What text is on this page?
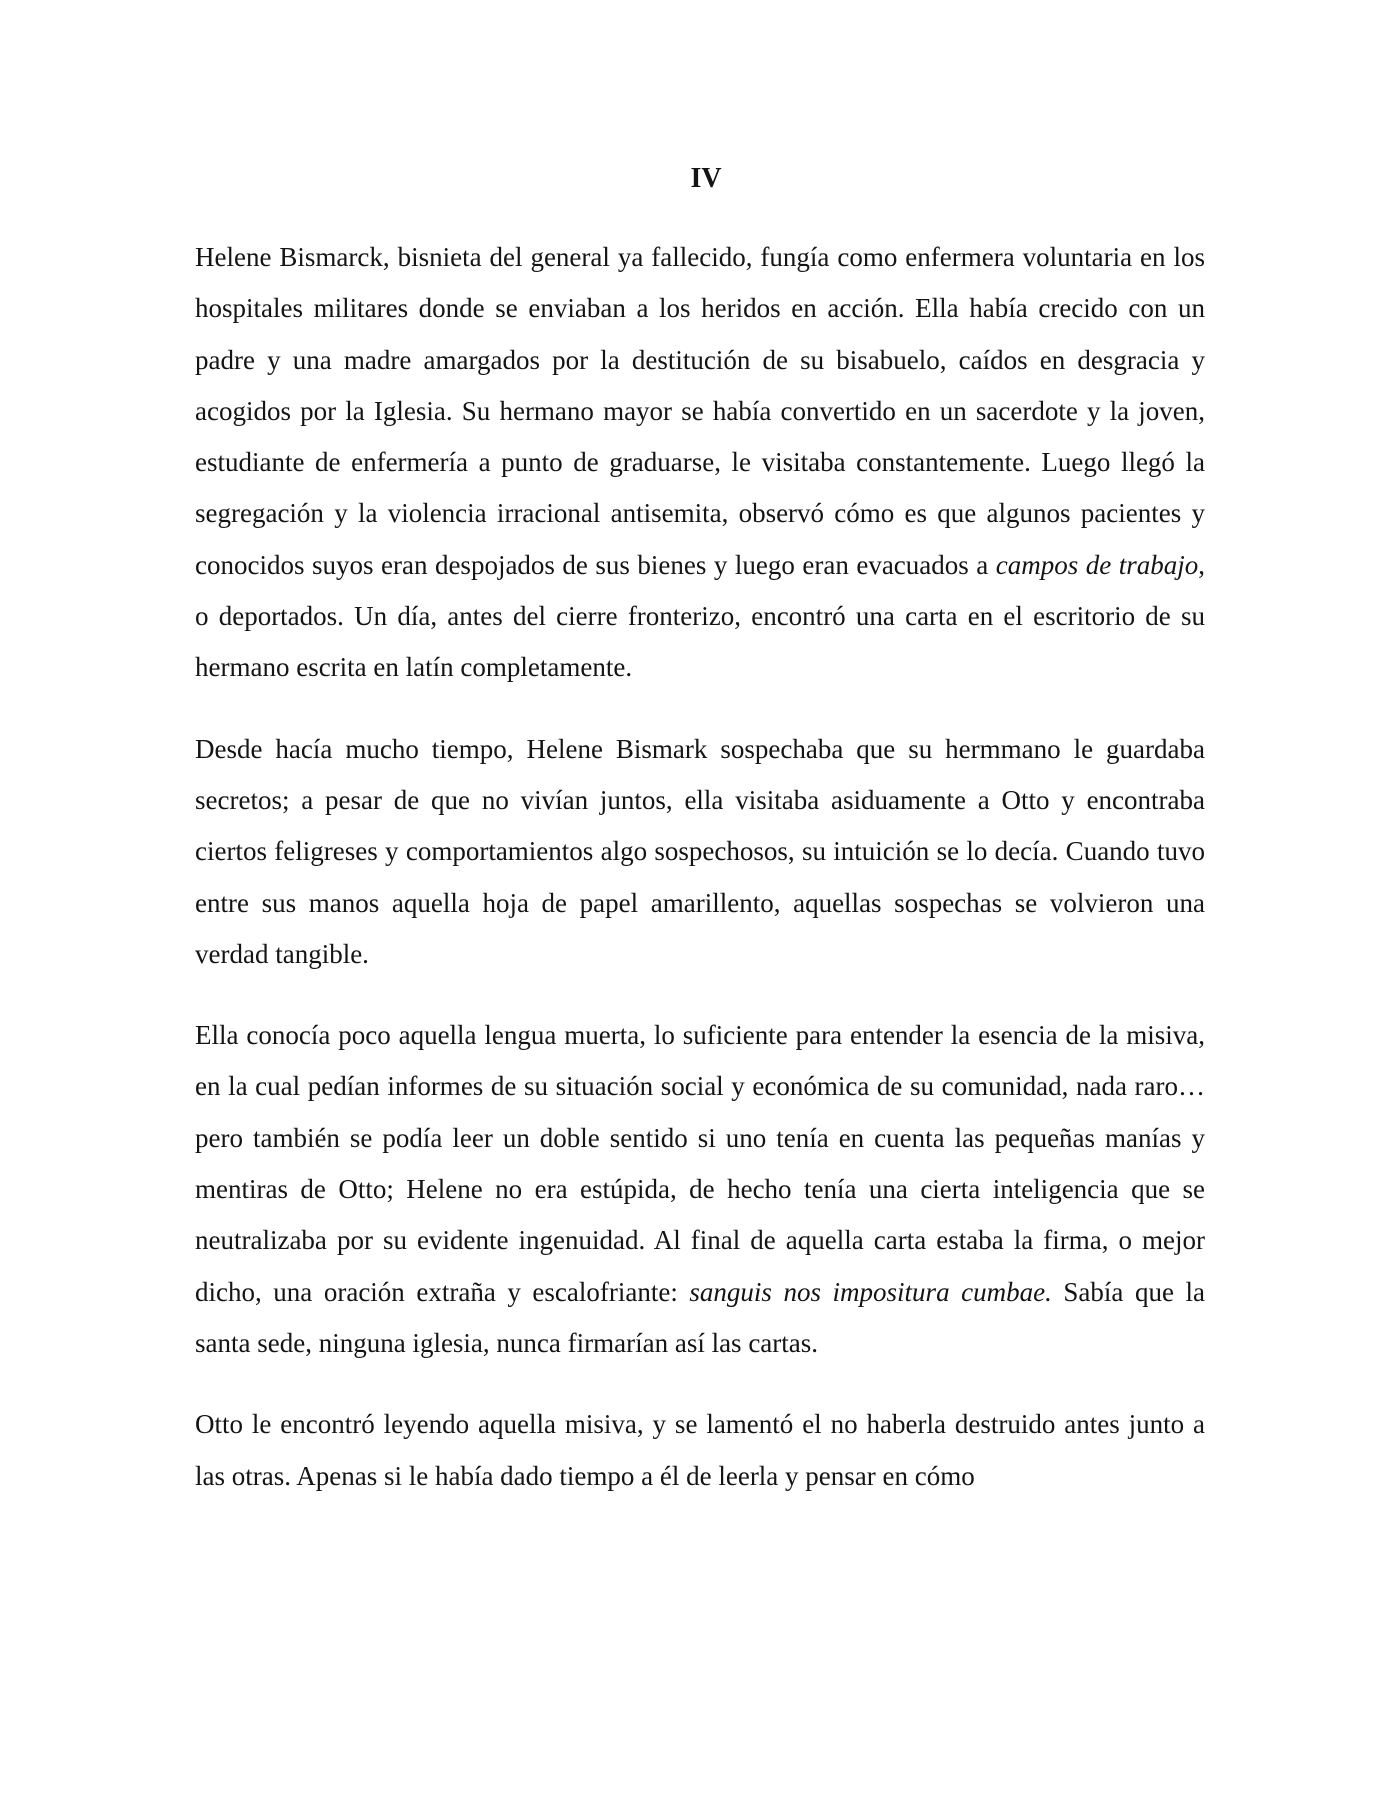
IV

Helene Bismarck, bisnieta del general ya fallecido, fungía como enfermera voluntaria en los hospitales militares donde se enviaban a los heridos en acción. Ella había crecido con un padre y una madre amargados por la destitución de su bisabuelo, caídos en desgracia y acogidos por la Iglesia. Su hermano mayor se había convertido en un sacerdote y la joven, estudiante de enfermería a punto de graduarse, le visitaba constantemente. Luego llegó la segregación y la violencia irracional antisemita, observó cómo es que algunos pacientes y conocidos suyos eran despojados de sus bienes y luego eran evacuados a campos de trabajo, o deportados. Un día, antes del cierre fronterizo, encontró una carta en el escritorio de su hermano escrita en latín completamente.

Desde hacía mucho tiempo, Helene Bismark sospechaba que su hermmano le guardaba secretos; a pesar de que no vivían juntos, ella visitaba asiduamente a Otto y encontraba ciertos feligreses y comportamientos algo sospechosos, su intuición se lo decía. Cuando tuvo entre sus manos aquella hoja de papel amarillento, aquellas sospechas se volvieron una verdad tangible.

Ella conocía poco aquella lengua muerta, lo suficiente para entender la esencia de la misiva, en la cual pedían informes de su situación social y económica de su comunidad, nada raro… pero también se podía leer un doble sentido si uno tenía en cuenta las pequeñas manías y mentiras de Otto; Helene no era estúpida, de hecho tenía una cierta inteligencia que se neutralizaba por su evidente ingenuidad. Al final de aquella carta estaba la firma, o mejor dicho, una oración extraña y escalofriante: sanguis nos impositura cumbae. Sabía que la santa sede, ninguna iglesia, nunca firmarían así las cartas.

Otto le encontró leyendo aquella misiva, y se lamentó el no haberla destruido antes junto a las otras. Apenas si le había dado tiempo a él de leerla y pensar en cómo
